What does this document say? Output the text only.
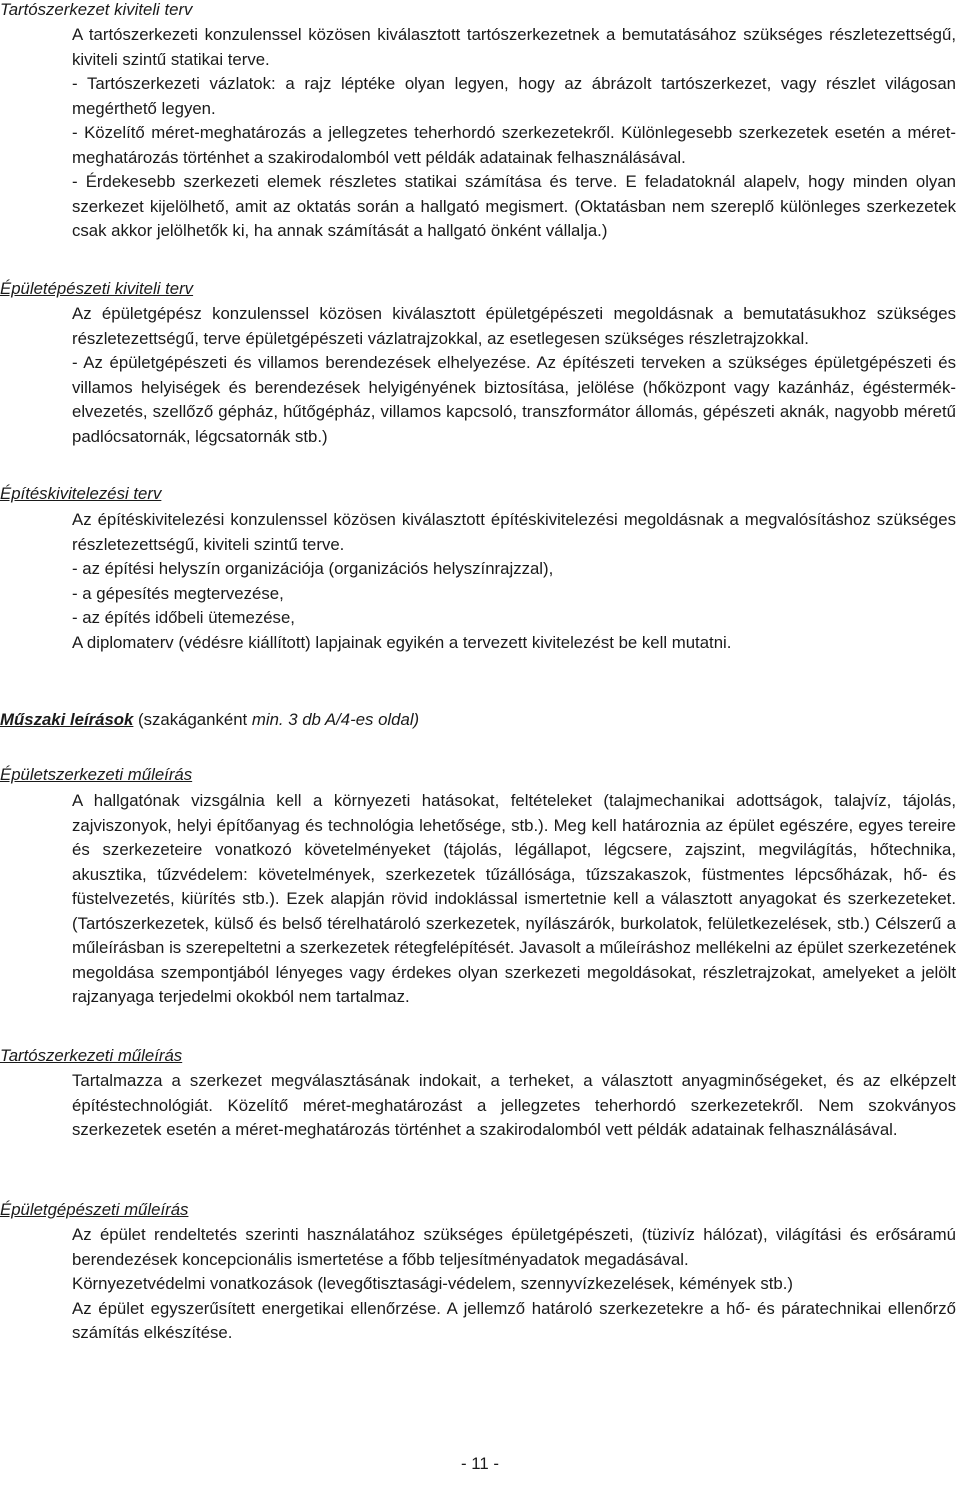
Tartószerkezet kiviteli terv

A tartószerkezeti konzulenssel közösen kiválasztott tartószerkezetnek a bemutatásához szükséges részletezettségű, kiviteli szintű statikai terve.

- Tartószerkezeti vázlatok: a rajz léptéke olyan legyen, hogy az ábrázolt tartószerkezet, vagy részlet világosan megérthető legyen.

- Közelítő méret-meghatározás a jellegzetes teherhordó szerkezetekről. Különlegesebb szerkezetek esetén a méret-meghatározás történhet a szakirodalomból vett példák adatainak felhasználásával.

- Érdekesebb szerkezeti elemek részletes statikai számítása és terve. E feladatoknál alapelv, hogy minden olyan szerkezet kijelölhető, amit az oktatás során a hallgató megismert. (Oktatásban nem szereplő különleges szerkezetek csak akkor jelölhetők ki, ha annak számítását a hallgató önként vállalja.)

Épületépészeti kiviteli terv

Az épületgépész konzulenssel közösen kiválasztott épületgépészeti megoldásnak a bemutatásukhoz szükséges részletezettségű, terve épületgépészeti vázlatrajzokkal, az esetlegesen szükséges részletrajzokkal.

- Az épületgépészeti és villamos berendezések elhelyezése. Az építészeti terveken a szükséges épületgépészeti és villamos helyiségek és berendezések helyigényének biztosítása, jelölése (hőközpont vagy kazánház, égéstermék-elvezetés, szellőző gépház, hűtőgépház, villamos kapcsoló, transzformátor állomás, gépészeti aknák, nagyobb méretű padlócsatornák, légcsatornák stb.)

Építéskivitelezési terv

Az építéskivitelezési konzulenssel közösen kiválasztott építéskivitelezési megoldásnak a megvalósításhoz szükséges részletezettségű, kiviteli szintű terve.

- az építési helyszín organizációja (organizációs helyszínrajzzal),

- a gépesítés megtervezése,

- az építés időbeli ütemezése,

A diplomaterv (védésre kiállított) lapjainak egyikén a tervezett kivitelezést be kell mutatni.

Műszaki leírások (szakáganként min. 3 db A/4-es oldal)
Épületszerkezeti műleírás

A hallgatónak vizsgálnia kell a környezeti hatásokat, feltételeket (talajmechanikai adottságok, talajvíz, tájolás, zajviszonyok, helyi építőanyag és technológia lehetősége, stb.). Meg kell határoznia az épület egészére, egyes tereire és szerkezeteire vonatkozó követelményeket (tájolás, légállapot, légcsere, zajszint, megvilágítás, hőtechnika, akusztika, tűzvédelem: követelmények, szerkezetek tűzállósága, tűzszakaszok, füstmentes lépcsőházak, hő- és füstelvezetés, kiürítés stb.). Ezek alapján rövid indoklással ismertetnie kell a választott anyagokat és szerkezeteket. (Tartószerkezetek, külső és belső térelhatároló szerkezetek, nyílászárók, burkolatok, felületkezelések, stb.) Célszerű a műleírásban is szerepeltetni a szerkezetek rétegfelépítését. Javasolt a műleíráshoz mellékelni az épület szerkezetének megoldása szempontjából lényeges vagy érdekes olyan szerkezeti megoldásokat, részletrajzokat, amelyeket a jelölt rajzanyaga terjedelmi okokból nem tartalmaz.

Tartószerkezeti műleírás

Tartalmazza a szerkezet megválasztásának indokait, a terheket, a választott anyagminőségeket, és az elképzelt építéstechnológiát. Közelítő méret-meghatározást a jellegzetes teherhordó szerkezetekről. Nem szokványos szerkezetek esetén a méret-meghatározás történhet a szakirodalomból vett példák adatainak felhasználásával.

Épületgépészeti műleírás

Az épület rendeltetés szerinti használatához szükséges épületgépészeti, (tüzivíz hálózat), világítási és erősáramú berendezések koncepcionális ismertetése a főbb teljesítményadatok megadásával.

Környezetvédelmi vonatkozások (levegőtisztasági-védelem, szennyvízkezelések, kémények stb.)

Az épület egyszerűsített energetikai ellenőrzése. A jellemző határoló szerkezetekre a hő- és páratechnikai ellenőrző számítás elkészítése.

- 11 -
